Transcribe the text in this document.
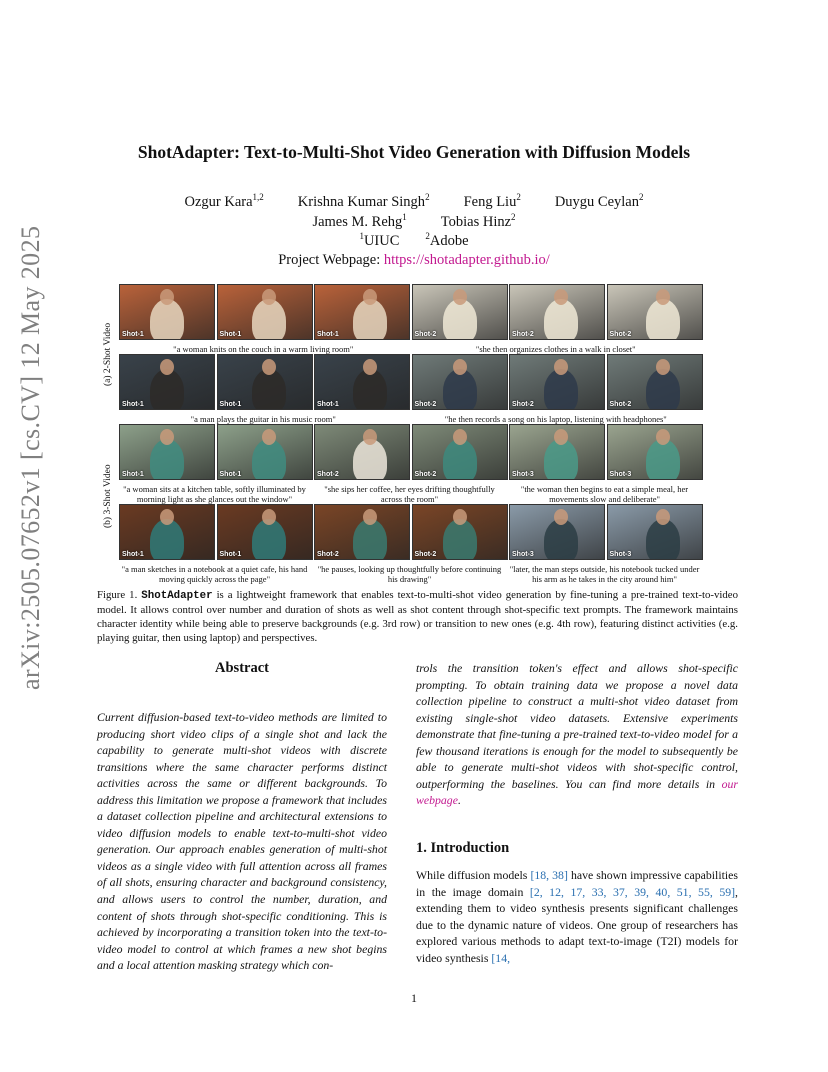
arXiv:2505.07652v1 [cs.CV] 12 May 2025
ShotAdapter: Text-to-Multi-Shot Video Generation with Diffusion Models
Ozgur Kara$^{1,2}$ Krishna Kumar Singh$^2$ Feng Liu$^2$ Duygu Ceylan$^2$
James M. Rehg$^1$ Tobias Hinz$^2$
$^1$UIUC	$^2$Adobe
Project Webpage: https://shotadapter.github.io/
(a) 2-Shot Video
(b) 3-Shot Video
Shot-1	Shot-1	Shot-1	Shot-2	Shot-2	Shot-2
"a woman knits on the couch in a warm living room"	"she then organizes clothes in a walk in closet"
Shot-1	Shot-1	Shot-1	Shot-2	Shot-2	Shot-2
"a man plays the guitar in his music room"	"he then records a song on his laptop, listening with headphones"
Shot-1	Shot-1	Shot-2	Shot-2	Shot-3	Shot-3
"a woman sits at a kitchen table, softly illuminated by morning light as she glances out the window"
"she sips her coffee, her eyes drifting thoughtfully across the room"
"the woman then begins to eat a simple meal, her movements slow and deliberate"
Shot-1	Shot-1	Shot-2	Shot-2	Shot-3	Shot-3
"a man sketches in a notebook at a quiet cafe, his hand moving quickly across the page"
"he pauses, looking up thoughtfully before continuing his drawing"
"later, the man steps outside, his notebook tucked under his arm as he takes in the city around him"
Figure 1. ShotAdapter is a lightweight framework that enables text-to-multi-shot video generation by fine-tuning a pre-trained text-to-video model. It allows control over number and duration of shots as well as shot content through shot-specific text prompts. The framework maintains character identity while being able to preserve backgrounds (e.g. 3rd row) or transition to new ones (e.g. 4th row), featuring distinct activities (e.g. playing guitar, then using laptop) and perspectives.
Abstract
Current diffusion-based text-to-video methods are limited to producing short video clips of a single shot and lack the capability to generate multi-shot videos with discrete transitions where the same character performs distinct activities across the same or different backgrounds. To address this limitation we propose a framework that includes a dataset collection pipeline and architectural extensions to video diffusion models to enable text-to-multi-shot video generation. Our approach enables generation of multi-shot videos as a single video with full attention across all frames of all shots, ensuring character and background consistency, and allows users to control the number, duration, and content of shots through shot-specific conditioning. This is achieved by incorporating a transition token into the text-to-video model to control at which frames a new shot begins and a local attention masking strategy which con-
trols the transition token's effect and allows shot-specific prompting. To obtain training data we propose a novel data collection pipeline to construct a multi-shot video dataset from existing single-shot video datasets. Extensive experiments demonstrate that fine-tuning a pre-trained text-to-video model for a few thousand iterations is enough for the model to subsequently be able to generate multi-shot videos with shot-specific control, outperforming the baselines. You can find more details in our webpage.
1. Introduction
While diffusion models [18, 38] have shown impressive capabilities in the image domain [2, 12, 17, 33, 37, 39, 40, 51, 55, 59], extending them to video synthesis presents significant challenges due to the dynamic nature of videos. One group of researchers has explored various methods to adapt text-to-image (T2I) models for video synthesis [14,
1
